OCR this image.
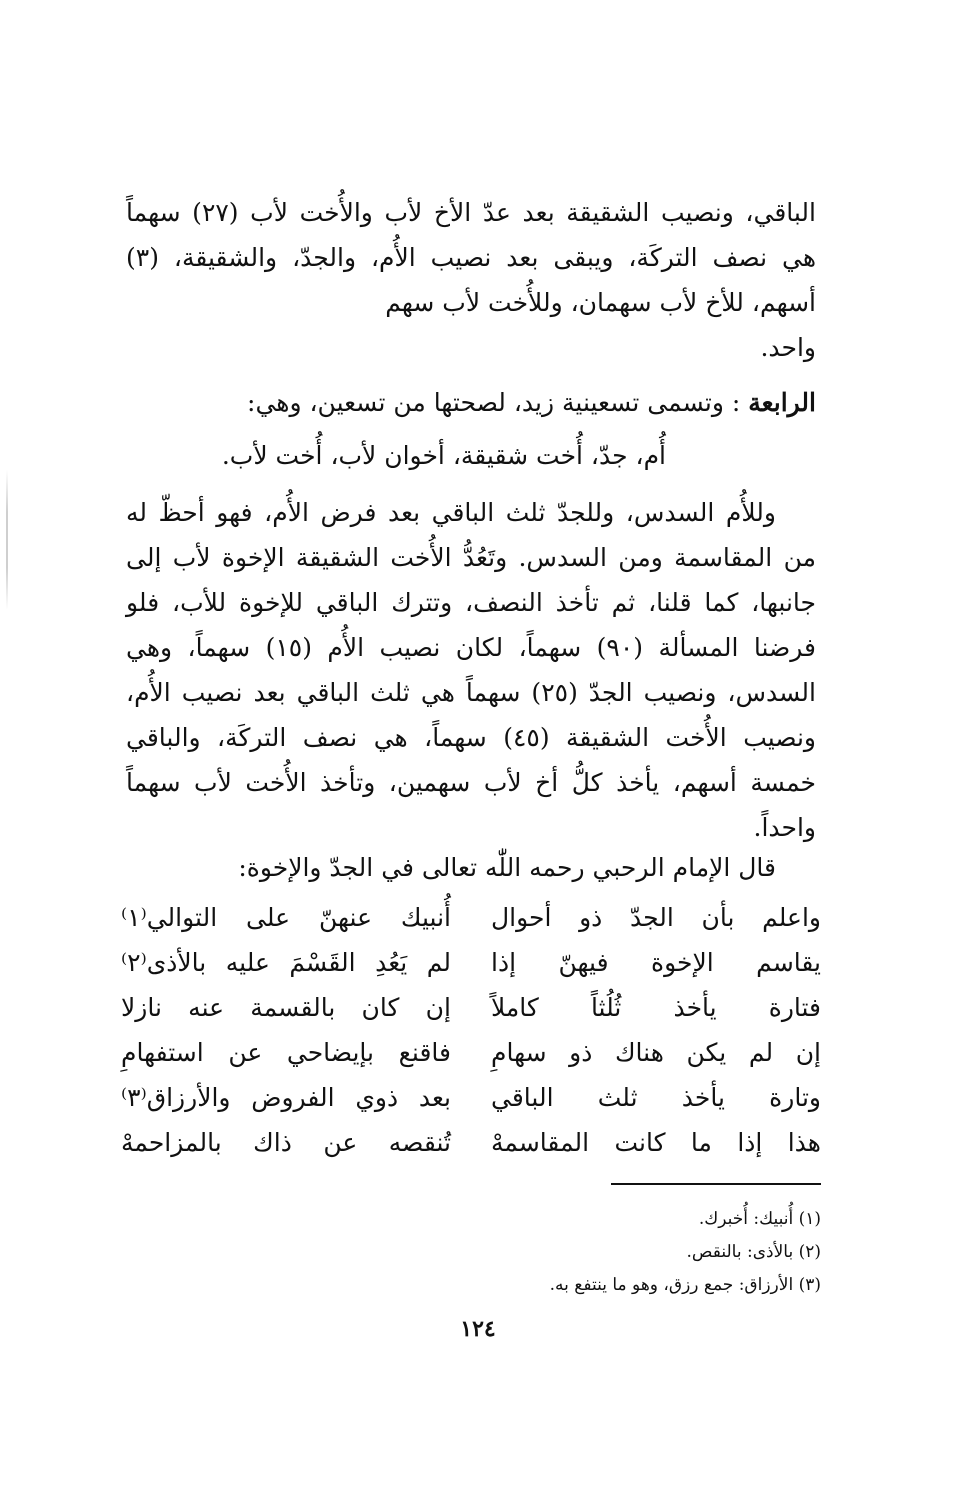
الباقي، ونصيب الشقيقة بعد عدّ الأخ لأب والأُخت لأب (٢٧) سهماً هي نصف التركَة، ويبقى بعد نصيب الأُم، والجدّ، والشقيقة، (٣) أسهم، للأخ لأب سهمان، وللأُخت لأب سهم
واحد.
الرابعة : وتسمى تسعينية زيد، لصحتها من تسعين، وهي:
أُم، جدّ، أُخت شقيقة، أخوان لأب، أُخت لأب.
وللأُم السدس، وللجدّ ثلث الباقي بعد فرض الأُم، فهو أحظّ له من المقاسمة ومن السدس. وتَعُدُّ الأُخت الشقيقة الإخوة لأب إلى جانبها، كما قلنا، ثم تأخذ النصف، وتترك الباقي للإخوة للأب، فلو فرضنا المسألة (٩٠) سهماً، لكان نصيب الأُم (١٥) سهماً، وهي السدس، ونصيب الجدّ (٢٥) سهماً هي ثلث الباقي بعد نصيب الأُم، ونصيب الأُخت الشقيقة (٤٥) سهماً، هي نصف التركَة، والباقي خمسة أسهم، يأخذ كلُّ أخ لأب سهمين، وتأخذ الأُخت لأب سهماً واحداً.
قال الإمام الرحبي رحمه اللّٰه تعالى في الجدّ والإخوة:
واعلم بأن الجدّ ذو أحوال
أُنبيك عنهنّ على التوالي⁽١⁾
يقاسم الإخوة فيهنّ إذا
لم يَعُدِ القَسْمَ عليه بالأذى⁽٢⁾
فتارة يأخذ ثُلُثاً كاملاً
إن كان بالقسمة عنه نازلا
إن لم يكن هناك ذو سهامِ
فاقنع بإيضاحي عن استفهامِ
وتارة يأخذ ثلث الباقي
بعد ذوي الفروض والأرزاق⁽٣⁾
هذا إذا ما كانت المقاسمهْ
تُنقصه عن ذاك بالمزاحمهْ
(١) أُنبيك: أُخبرك.
(٢) بالأذى: بالنقص.
(٣) الأرزاق: جمع رزق، وهو ما ينتفع به.
١٢٤
